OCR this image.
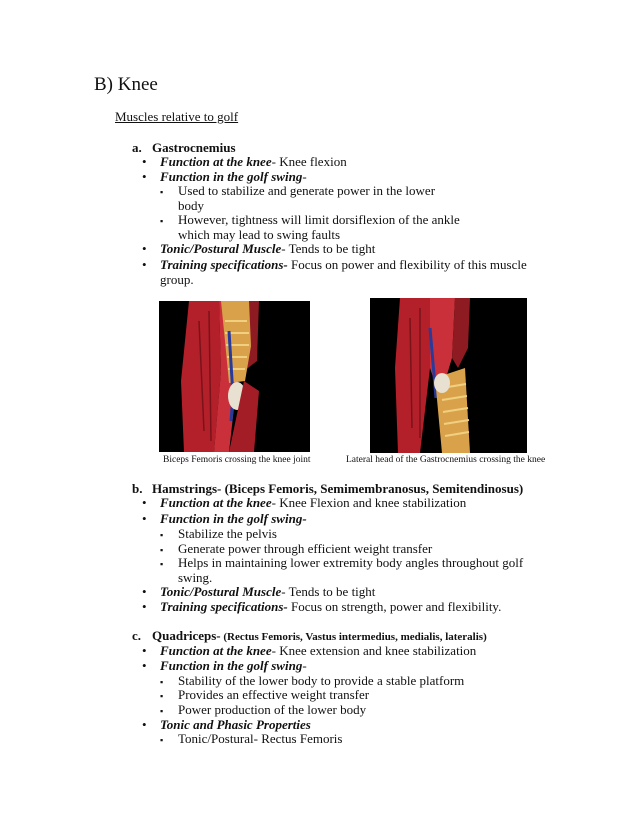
B) Knee
Muscles relative to golf
a. Gastrocnemius
• Function at the knee- Knee flexion
• Function in the golf swing-
▪ Used to stabilize and generate power in the lower
body
▪ However, tightness will limit dorsiflexion of the ankle
which may lead to swing faults
• Tonic/Postural Muscle- Tends to be tight
• Training specifications- Focus on power and flexibility of this muscle
group.
Biceps Femoris crossing the knee joint	Lateral head of the Gastrocnemius crossing the knee
b. Hamstrings- (Biceps Femoris, Semimembranosus, Semitendinosus)
• Function at the knee- Knee Flexion and knee stabilization
• Function in the golf swing-
▪ Stabilize the pelvis
▪ Generate power through efficient weight transfer
▪ Helps in maintaining lower extremity body angles throughout golf
swing.
• Tonic/Postural Muscle- Tends to be tight
• Training specifications- Focus on strength, power and flexibility.
c. Quadriceps- (Rectus Femoris, Vastus intermedius, medialis, lateralis)
• Function at the knee- Knee extension and knee stabilization
• Function in the golf swing-
▪ Stability of the lower body to provide a stable platform
▪ Provides an effective weight transfer
▪ Power production of the lower body
• Tonic and Phasic Properties
▪ Tonic/Postural- Rectus Femoris
